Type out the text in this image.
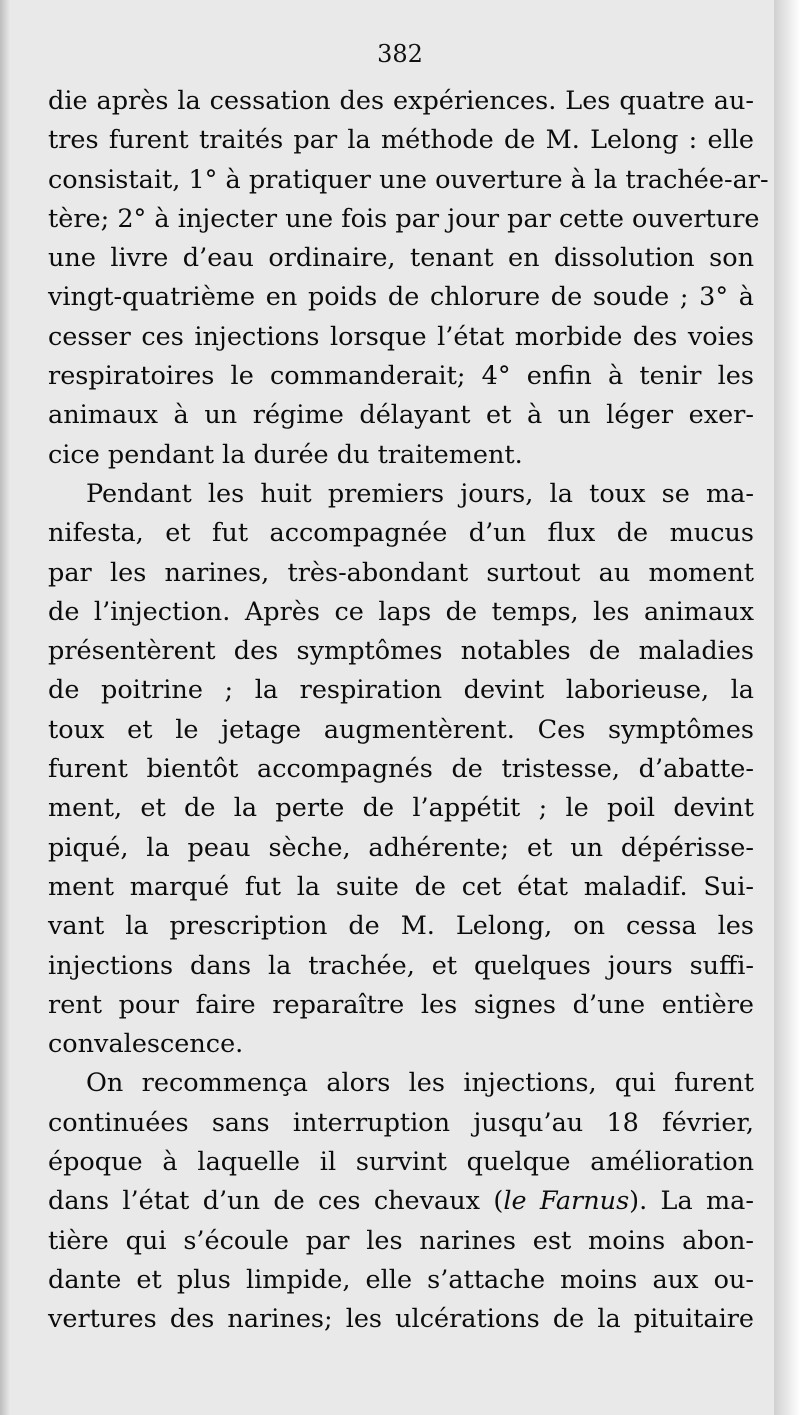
382
die après la cessation des expériences. Les quatre au-
tres furent traités par la méthode de M. Lelong : elle
consistait, 1° à pratiquer une ouverture à la trachée-ar-
tère; 2° à injecter une fois par jour par cette ouverture
une livre d’eau ordinaire, tenant en dissolution son
vingt-quatrième en poids de chlorure de soude ; 3° à
cesser ces injections lorsque l’état morbide des voies
respiratoires le commanderait; 4° enfin à tenir les
animaux à un régime délayant et à un léger exer-
cice pendant la durée du traitement.
Pendant les huit premiers jours, la toux se ma-
nifesta, et fut accompagnée d’un flux de mucus
par les narines, très-abondant surtout au moment
de l’injection. Après ce laps de temps, les animaux
présentèrent des symptômes notables de maladies
de poitrine ; la respiration devint laborieuse, la
toux et le jetage augmentèrent. Ces symptômes
furent bientôt accompagnés de tristesse, d’abatte-
ment, et de la perte de l’appétit ; le poil devint
piqué, la peau sèche, adhérente; et un dépérisse-
ment marqué fut la suite de cet état maladif. Sui-
vant la prescription de M. Lelong, on cessa les
injections dans la trachée, et quelques jours suffi-
rent pour faire reparaître les signes d’une entière
convalescence.
On recommença alors les injections, qui furent
continuées sans interruption jusqu’au 18 février,
époque à laquelle il survint quelque amélioration
dans l’état d’un de ces chevaux (le Farnus). La ma-
tière qui s’écoule par les narines est moins abon-
dante et plus limpide, elle s’attache moins aux ou-
vertures des narines; les ulcérations de la pituitaire
